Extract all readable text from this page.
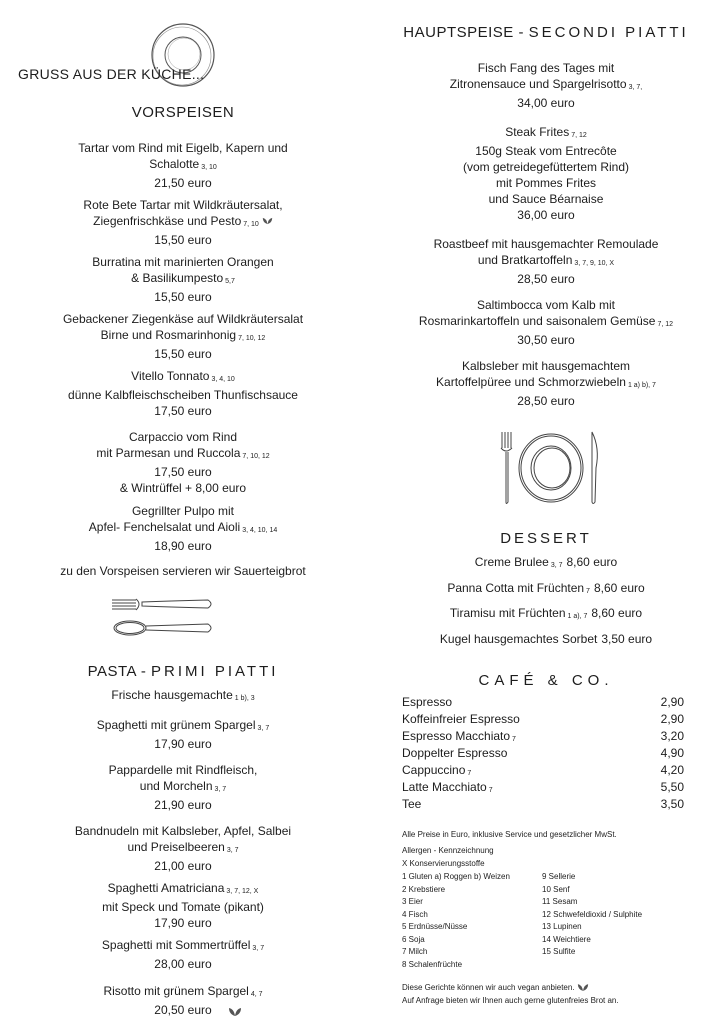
GRUSS AUS DER KÜCHE...
VORSPEISEN
Tartar vom Rind mit Eigelb, Kapern und
Schalotte 3, 10
21,50 euro
Rote Bete Tartar mit Wildkräutersalat,
Ziegenfrischkäse und Pesto 7, 10
15,50 euro
Burratina mit marinierten Orangen
& Basilikumpesto 5,7
15,50 euro
Gebackener Ziegenkäse auf Wildkräutersalat
Birne und Rosmarinhonig 7, 10, 12
15,50 euro
Vitello Tonnato 3, 4, 10
dünne Kalbfleischscheiben Thunfischsauce
17,50 euro
Carpaccio vom Rind
mit Parmesan und Ruccola 7, 10, 12
17,50 euro
& Wintrüffel + 8,00 euro
Gegrillter Pulpo mit
Apfel- Fenchelsalat und Aioli 3, 4, 10, 14
18,90 euro
zu den Vorspeisen servieren wir Sauerteigbrot
PASTA - PRIMI PIATTI
Frische hausgemachte 1 b), 3
Spaghetti mit grünem Spargel 3, 7
17,90 euro
Pappardelle mit Rindfleisch,
und Morcheln 3, 7
21,90 euro
Bandnudeln mit Kalbsleber, Apfel, Salbei
und Preiselbeeren 3, 7
21,00 euro
Spaghetti Amatriciana 3, 7, 12, X
mit Speck und Tomate (pikant)
17,90 euro
Spaghetti mit Sommertrüffel 3, 7
28,00 euro
Risotto mit grünem Spargel 4, 7
20,50 euro
HAUPTSPEISE - SECONDI PIATTI
Fisch Fang des Tages mit
Zitronensauce und Spargelrisotto 3, 7,
34,00 euro
Steak Frites 7, 12
150g Steak vom Entrecôte
(vom getreidegefüttertem Rind)
mit Pommes Frites
und Sauce Béarnaise
36,00 euro
Roastbeef mit hausgemachter Remoulade
und Bratkartoffeln 3, 7, 9, 10, X
28,50 euro
Saltimbocca vom Kalb mit
Rosmarinkartoffeln und saisonalem Gemüse 7, 12
30,50 euro
Kalbsleber mit hausgemachtem
Kartoffelpüree und Schmorzwiebeln 1 a) b), 7
28,50 euro
DESSERT
Creme Brulee 3, 7 8,60 euro
Panna Cotta mit Früchten 7 8,60 euro
Tiramisu mit Früchten 1 a), 7 8,60 euro
Kugel hausgemachtes Sorbet 3,50 euro
CAFÉ & CO.
Espresso	2,90
Koffeinfreier Espresso	2,90
Espresso Macchiato 7	3,20
Doppelter Espresso	4,90
Cappuccino 7	4,20
Latte Macchiato 7	5,50
Tee	3,50
Alle Preise in Euro, inklusive Service und gesetzlicher MwSt.
Allergen - Kennzeichnung
X Konservierungsstoffe
1 Gluten a) Roggen b) Weizen
2 Krebstiere
3 Eier
4 Fisch
5 Erdnüsse/Nüsse
6 Soja
7 Milch
8 Schalenfrüchte
9 Sellerie
10 Senf
11 Sesam
12 Schwefeldioxid / Sulphite
13 Lupinen
14 Weichtiere
15 Sulfite
Diese Gerichte können wir auch vegan anbieten.
Auf Anfrage bieten wir Ihnen auch gerne glutenfreies Brot an.
